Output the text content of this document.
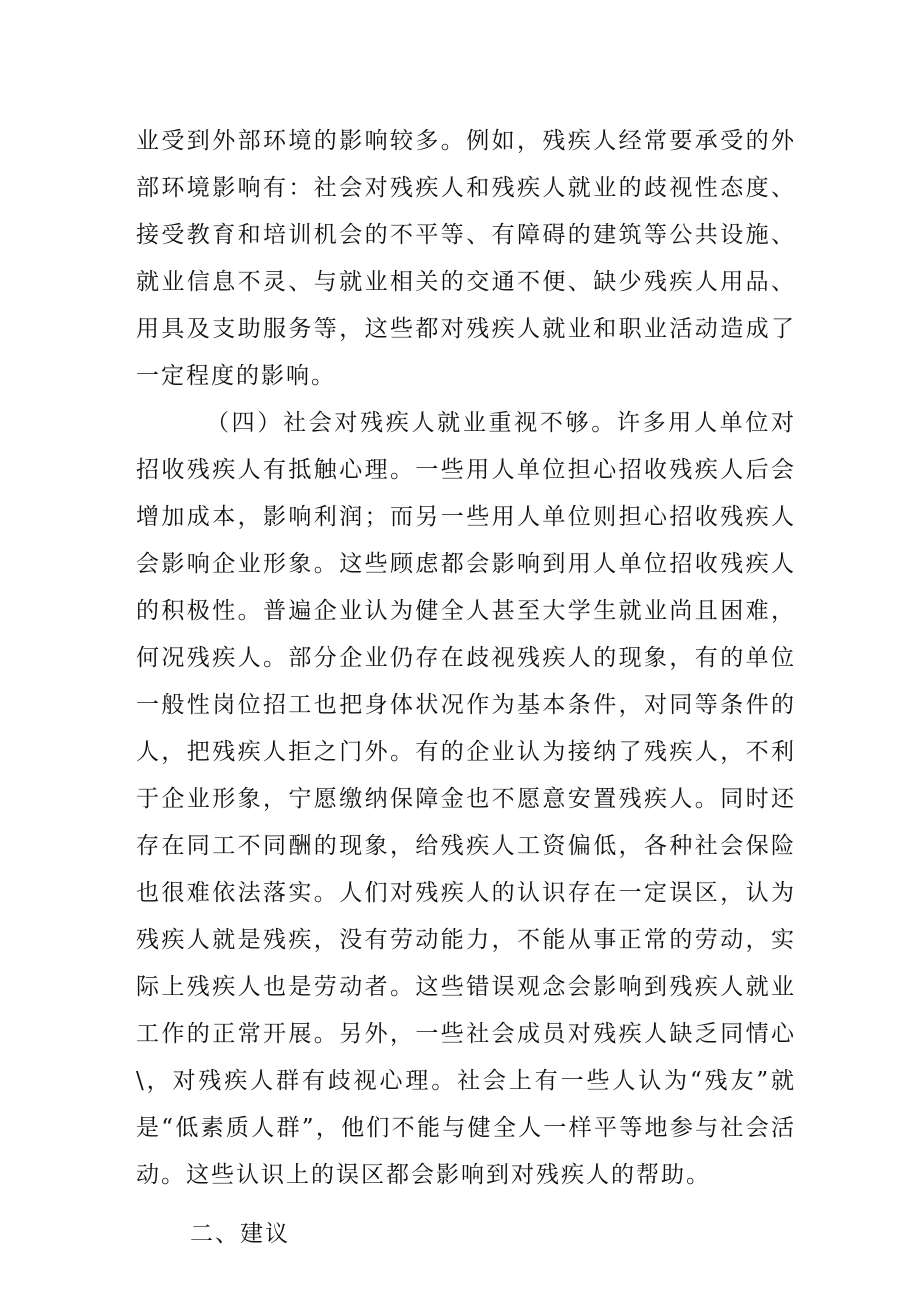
业受到外部环境的影响较多。例如，残疾人经常要承受的外部环境影响有：社会对残疾人和残疾人就业的歧视性态度、接受教育和培训机会的不平等、有障碍的建筑等公共设施、就业信息不灵、与就业相关的交通不便、缺少残疾人用品、用具及支助服务等，这些都对残疾人就业和职业活动造成了一定程度的影响。

（四）社会对残疾人就业重视不够。许多用人单位对招收残疾人有抵触心理。一些用人单位担心招收残疾人后会增加成本，影响利润；而另一些用人单位则担心招收残疾人会影响企业形象。这些顾虑都会影响到用人单位招收残疾人的积极性。普遍企业认为健全人甚至大学生就业尚且困难，何况残疾人。部分企业仍存在歧视残疾人的现象，有的单位一般性岗位招工也把身体状况作为基本条件，对同等条件的人，把残疾人拒之门外。有的企业认为接纳了残疾人，不利于企业形象，宁愿缴纳保障金也不愿意安置残疾人。同时还存在同工不同酬的现象，给残疾人工资偏低，各种社会保险也很难依法落实。人们对残疾人的认识存在一定误区，认为残疾人就是残疾，没有劳动能力，不能从事正常的劳动，实际上残疾人也是劳动者。这些错误观念会影响到残疾人就业工作的正常开展。另外，一些社会成员对残疾人缺乏同情心\，对残疾人群有歧视心理。社会上有一些人认为“残友”就是“低素质人群”，他们不能与健全人一样平等地参与社会活动。这些认识上的误区都会影响到对残疾人的帮助。

二、建议
